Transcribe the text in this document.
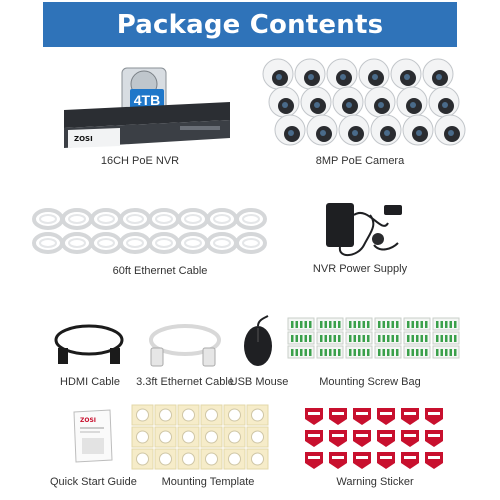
Package Contents
4TB
ZOSI
16CH PoE NVR	8MP PoE Camera
60ft Ethernet Cable	NVR Power Supply
HDMI Cable	3.3ft Ethernet Cable
USB Mouse	Mounting Screw Bag
ZOSI
Quick Start Guide	Mounting Template	Warning Sticker
